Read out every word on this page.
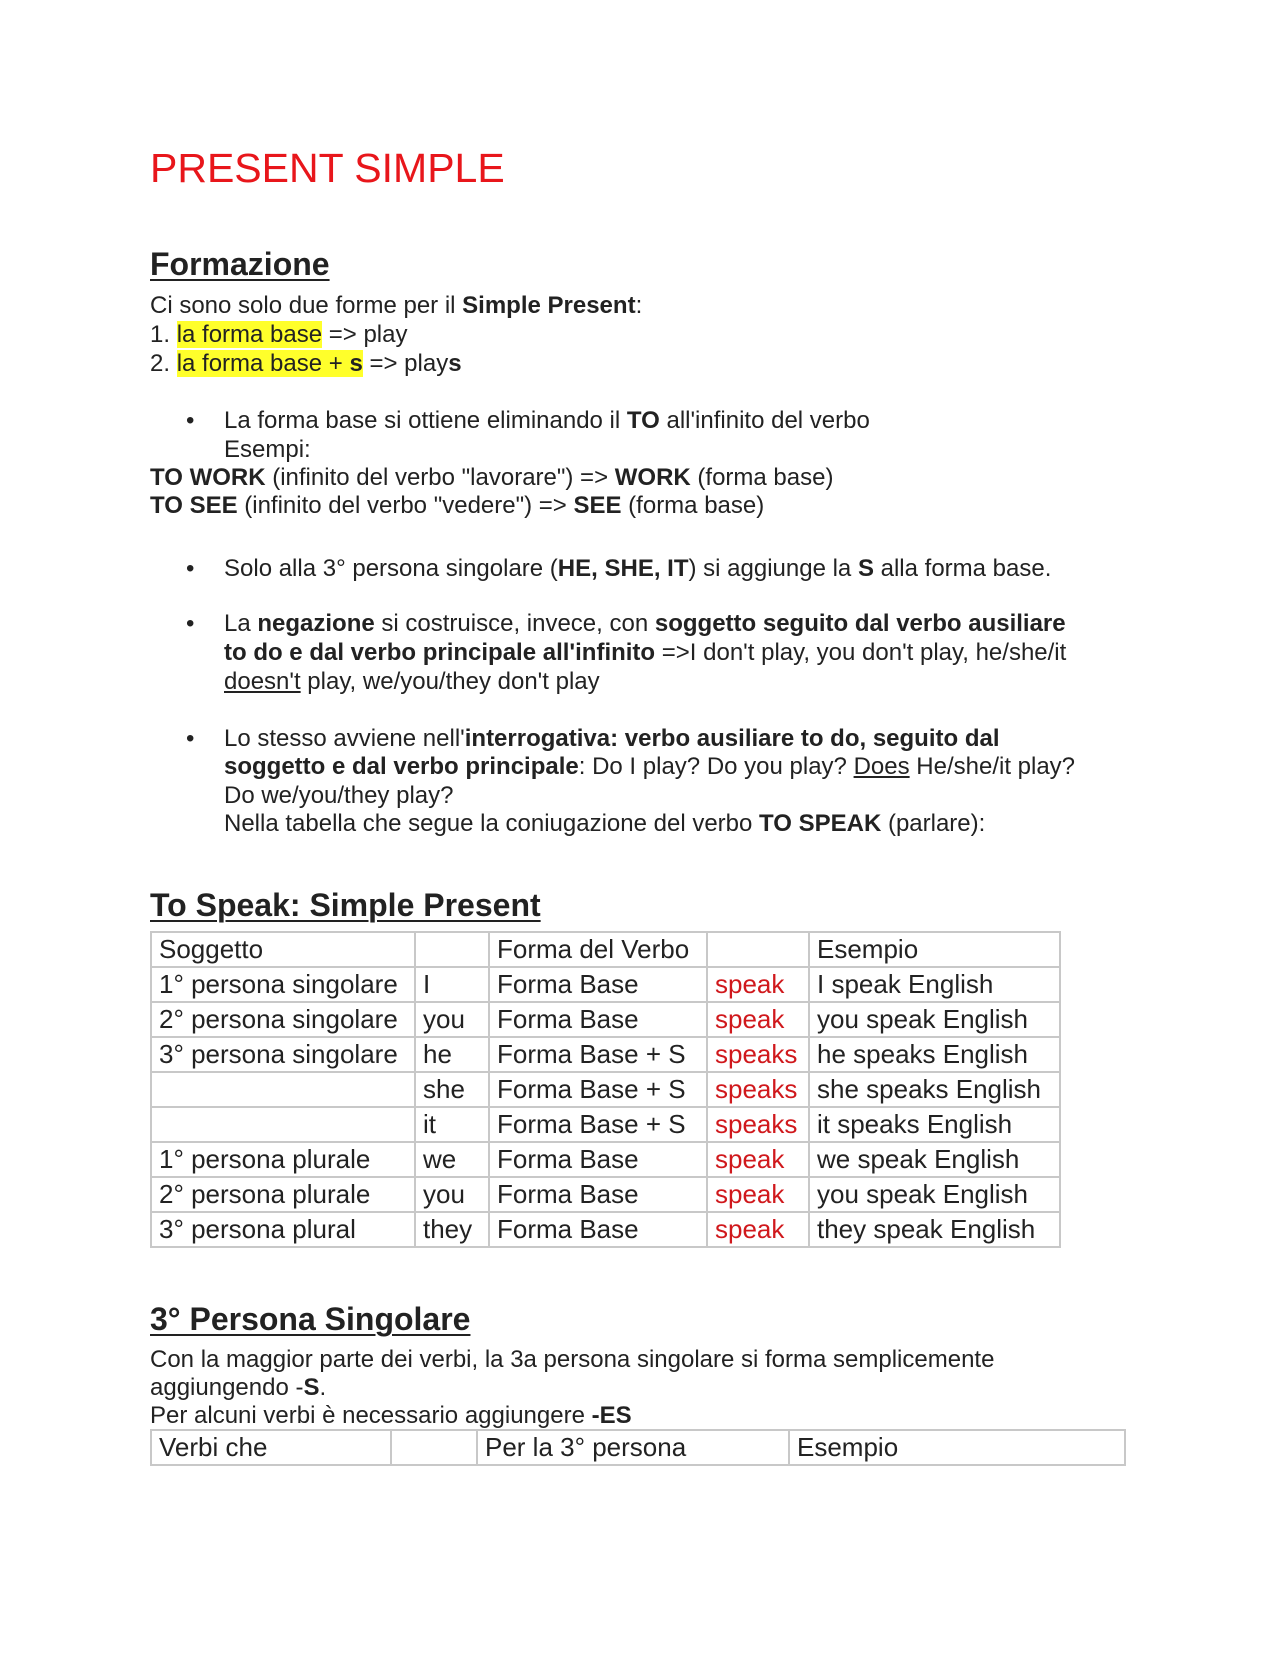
PRESENT SIMPLE
Formazione
Ci sono solo due forme per il Simple Present:
1. la forma base => play
2. la forma base + s => plays
• La forma base si ottiene eliminando il TO all'infinito del verbo
Esempi:
TO WORK (infinito del verbo "lavorare") => WORK (forma base)
TO SEE (infinito del verbo "vedere") => SEE (forma base)
• Solo alla 3° persona singolare (HE, SHE, IT) si aggiunge la S alla forma base.
• La negazione si costruisce, invece, con soggetto seguito dal verbo ausiliare
to do e dal verbo principale all'infinito =>I don't play, you don't play, he/she/it
doesn't play, we/you/they don't play
• Lo stesso avviene nell'interrogativa: verbo ausiliare to do, seguito dal
soggetto e dal verbo principale: Do I play? Do you play? Does He/she/it play?
Do we/you/they play?
Nella tabella che segue la coniugazione del verbo TO SPEAK (parlare):
To Speak: Simple Present
Soggetto		Forma del Verbo		Esempio
1° persona singolare	I	Forma Base	speak	I speak English
2° persona singolare	you	Forma Base	speak	you speak English
3° persona singolare	he	Forma Base + S	speaks	he speaks English
	she	Forma Base + S	speaks	she speaks English
	it	Forma Base + S	speaks	it speaks English
1° persona plurale	we	Forma Base	speak	we speak English
2° persona plurale	you	Forma Base	speak	you speak English
3° persona plural	they	Forma Base	speak	they speak English
3° Persona Singolare
Con la maggior parte dei verbi, la 3a persona singolare si forma semplicemente
aggiungendo -S.
Per alcuni verbi è necessario aggiungere -ES
Verbi che		Per la 3° persona	Esempio
